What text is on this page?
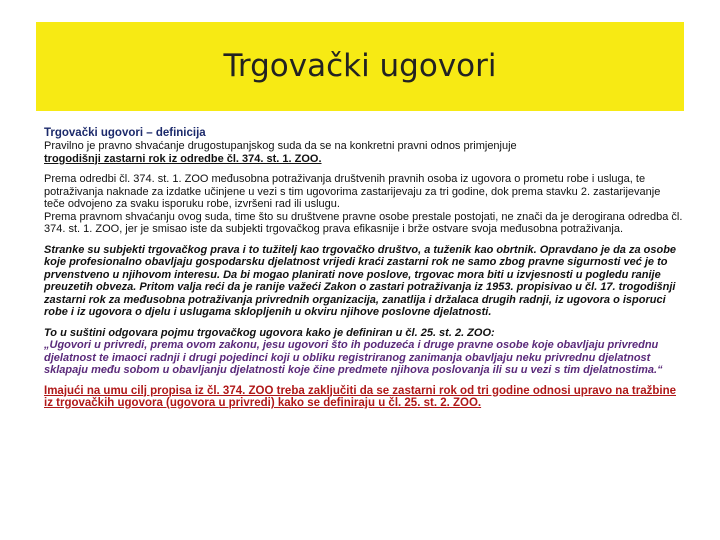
Trgovački ugovori

Trgovački ugovori – definicija

Pravilno je pravno shvaćanje drugostupanjskog suda da se na konkretni pravni odnos primjenjuje

trogodišnji zastarni rok iz odredbe čl. 374. st. 1. ZOO.

Prema odredbi čl. 374. st. 1. ZOO međusobna potraživanja društvenih pravnih osoba iz ugovora o prometu robe i usluga, te potraživanja naknade za izdatke učinjene u vezi s tim ugovorima zastarijevaju za tri godine, dok prema stavku 2. zastarijevanje teče odvojeno za svaku isporuku robe, izvršeni rad ili uslugu.

Prema pravnom shvaćanju ovog suda, time što su društvene pravne osobe prestale postojati, ne znači da je derogirana odredba čl. 374. st. 1. ZOO, jer je smisao iste da subjekti trgovačkog prava efikasnije i brže ostvare svoja međusobna potraživanja.

Stranke su subjekti trgovačkog prava i to tužitelj kao trgovačko društvo, a tuženik kao obrtnik. Opravdano je da za osobe koje profesionalno obavljaju gospodarsku djelatnost vrijedi kraći zastarni rok ne samo zbog pravne sigurnosti već je to prvenstveno u njihovom interesu. Da bi mogao planirati nove poslove, trgovac mora biti u izvjesnosti u pogledu ranije preuzetih obveza. Pritom valja reći da je ranije važeći Zakon o zastari potraživanja iz 1953. propisivao u čl. 17. trogodišnji zastarni rok za međusobna potraživanja privrednih organizacija, zanatlija i držalaca drugih radnji, iz ugovora o isporuci robe i iz ugovora o djelu i uslugama sklopljenih u okviru njihove poslovne djelatnosti.

To u suštini odgovara pojmu trgovačkog ugovora kako je definiran u čl. 25. st. 2. ZOO:

„Ugovori u privredi, prema ovom zakonu, jesu ugovori što ih poduzeća i druge pravne osobe koje obavljaju privrednu djelatnost te imaoci radnji i drugi pojedinci koji u obliku registriranog zanimanja obavljaju neku privrednu djelatnost sklapaju među sobom u obavljanju djelatnosti koje čine predmete njihova poslovanja ili su u vezi s tim djelatnostima.“

Imajući na umu cilj propisa iz čl. 374. ZOO treba zaključiti da se zastarni rok od tri godine odnosi upravo na tražbine iz trgovačkih ugovora (ugovora u privredi) kako se definiraju u čl. 25. st. 2. ZOO.
